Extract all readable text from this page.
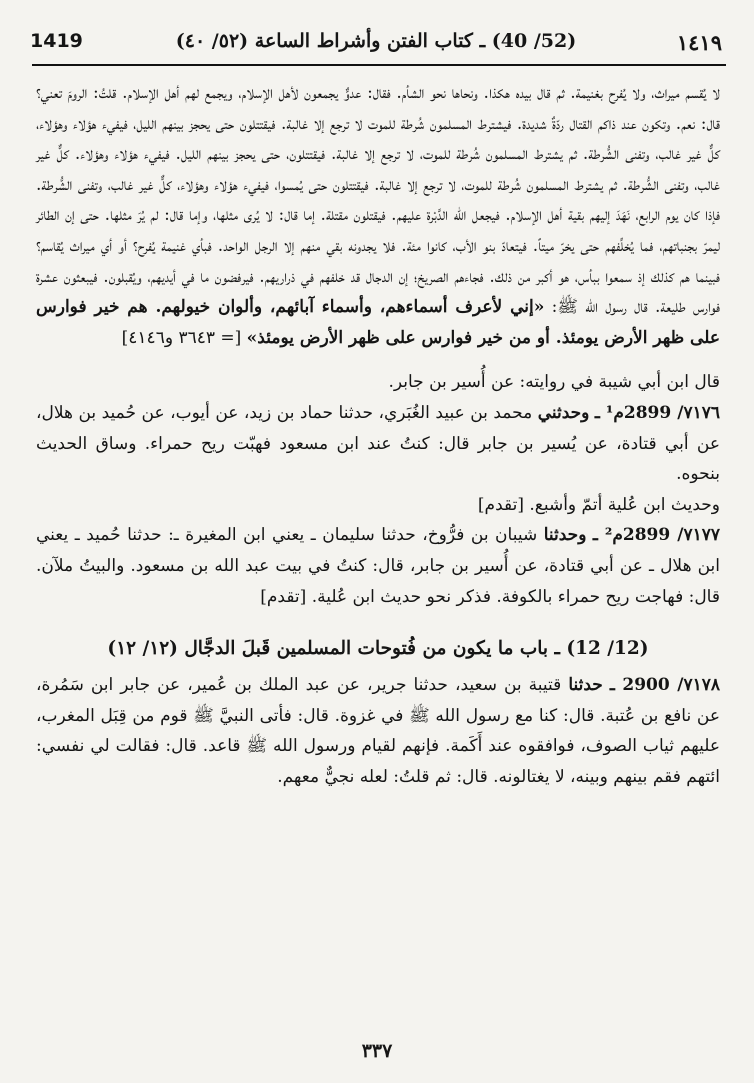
١٤١٩
(52/ 40) ـ كتاب الفتن وأشراط الساعة (٥٢/ ٤٠)
1419

لا يُقسم ميراث، ولا يُفرح بغنيمة. ثم قال بيده هكذا. ونحاها نحو الشأم. فقال: عدوٌّ يجمعون لأهل الإسلام، ويجمع لهم أهل الإسلام. قلتُ: الرومَ تعني؟ قال: نعم. وتكون عند ذاكم القتال ردّةٌ شديدة. فيشترط المسلمون شُرطة للموت لا ترجع إلا غالبة. فيقتتلون حتى يحجز بينهم الليل، فيفيء هؤلاء وهؤلاء، كلٌّ غير غالب، وتفنى الشُّرطة. ثم يشترط المسلمون شُرطة للموت، لا ترجع إلا غالبة. فيقتتلون، حتى يحجز بينهم الليل. فيفيء هؤلاء وهؤلاء. كلٌّ غير غالب، وتفنى الشُّرطة. ثم يشترط المسلمون شُرطة للموت، لا ترجع إلا غالبة. فيقتتلون حتى يُمسوا، فيفيء هؤلاء وهؤلاء، كلٌّ غير غالب، وتفنى الشُّرطة. فإذا كان يوم الرابع، نَهَدَ إليهم بقية أهل الإسلام. فيجعل الله الدَّبْرة عليهم. فيقتلون مقتلة. إما قال: لا يُرى مثلها، وإما قال: لم يُرَ مثلها. حتى إن الطائر ليمرّ بجنباتهم، فما يُخلِّفهم حتى يخرّ ميتاً. فيتعادّ بنو الأب، كانوا مئة. فلا يجدونه بقي منهم إلا الرجل الواحد. فبأي غنيمة يُفرح؟ أو أي ميراث يُقاسم؟ فبينما هم كذلك إذ سمعوا ببأس، هو أكبر من ذلك. فجاءهم الصريخ؛ إن الدجال قد خلفهم في ذراريهم. فيرفضون ما في أيديهم، ويُقبلون. فيبعثون عشرة فوارس طليعة. قال رسول الله ﷺ: «إني لأعرف أسماءهم، وأسماء آبائهم، وألوان خيولهم. هم خير فوارس على ظهر الأرض يومئذ. أو من خير فوارس على ظهر الأرض يومئذ» [= ٣٦٤٣ و٤١٤٦]

قال ابن أبي شيبة في روايته: عن أُسير بن جابر.

٧١٧٦/ 2899م¹ ـ وحدثني محمد بن عبيد الغُبَري، حدثنا حماد بن زيد، عن أيوب، عن حُميد بن هلال، عن أبي قتادة، عن يُسير بن جابر قال: كنتُ عند ابن مسعود فهبّت ريح حمراء. وساق الحديث بنحوه.

وحديث ابن عُلية أتمّ وأشبع. [تقدم]

٧١٧٧/ 2899م² ـ وحدثنا شيبان بن فرُّوخ، حدثنا سليمان ـ يعني ابن المغيرة ـ: حدثنا حُميد ـ يعني ابن هلال ـ عن أبي قتادة، عن أُسير بن جابر، قال: كنتُ في بيت عبد الله بن مسعود. والبيتُ ملآن. قال: فهاجت ريح حمراء بالكوفة. فذكر نحو حديث ابن عُلية. [تقدم]

(12/ 12) ـ باب ما يكون من فُتوحات المسلمين قَبلَ الدجَّال (١٢/ ١٢)

٧١٧٨/ 2900 ـ حدثنا قتيبة بن سعيد، حدثنا جرير، عن عبد الملك بن عُمير، عن جابر ابن سَمُرة، عن نافع بن عُتبة. قال: كنا مع رسول الله ﷺ في غزوة. قال: فأتى النبيَّ ﷺ قوم من قِبَل المغرب، عليهم ثياب الصوف، فوافقوه عند أَكَمة. فإنهم لقيام ورسول الله ﷺ قاعد. قال: فقالت لي نفسي: ائتهم فقم بينهم وبينه، لا يغتالونه. قال: ثم قلتُ: لعله نجيٌّ معهم.

٣٣٧
